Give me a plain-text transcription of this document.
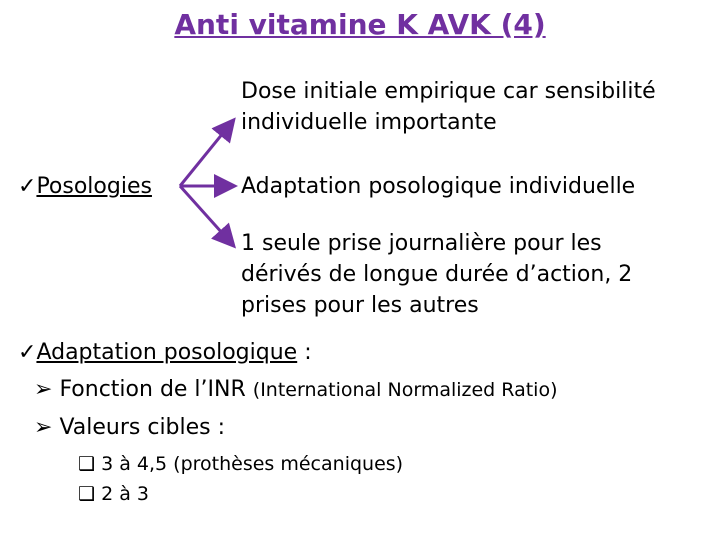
Anti vitamine K AVK (4)
✓Posologies
Dose initiale empirique car sensibilité
individuelle importante
Adaptation posologique individuelle
1 seule prise journalière pour les
dérivés de longue durée d’action, 2
prises pour les autres
✓Adaptation posologique :
➢ Fonction de l’INR (International Normalized Ratio)
➢ Valeurs cibles :
❑ 3 à 4,5 (prothèses mécaniques)
❑ 2 à 3
